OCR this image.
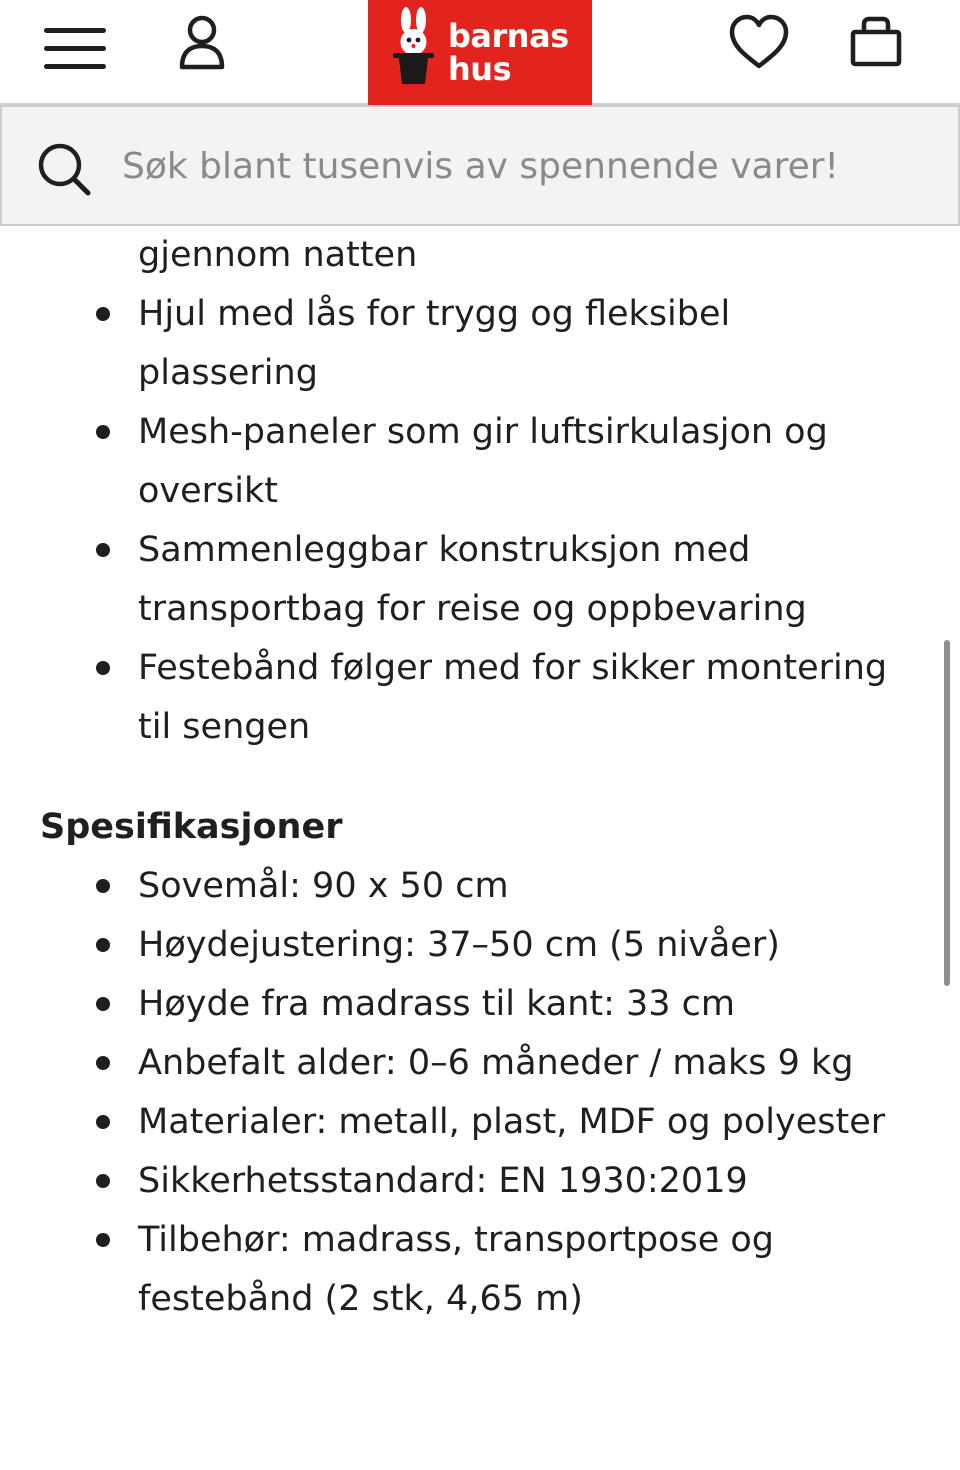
barnas
hus
Søk blant tusenvis av spennende varer!
gjennom natten
Hjul med lås for trygg og fleksibel plassering
Mesh-paneler som gir luftsirkulasjon og oversikt
Sammenleggbar konstruksjon med transportbag for reise og oppbevaring
Festebånd følger med for sikker montering til sengen
Spesifikasjoner
Sovemål: 90 x 50 cm
Høydejustering: 37–50 cm (5 nivåer)
Høyde fra madrass til kant: 33 cm
Anbefalt alder: 0–6 måneder / maks 9 kg
Materialer: metall, plast, MDF og polyester
Sikkerhetsstandard: EN 1930:2019
Tilbehør: madrass, transportpose og festebånd (2 stk, 4,65 m)
